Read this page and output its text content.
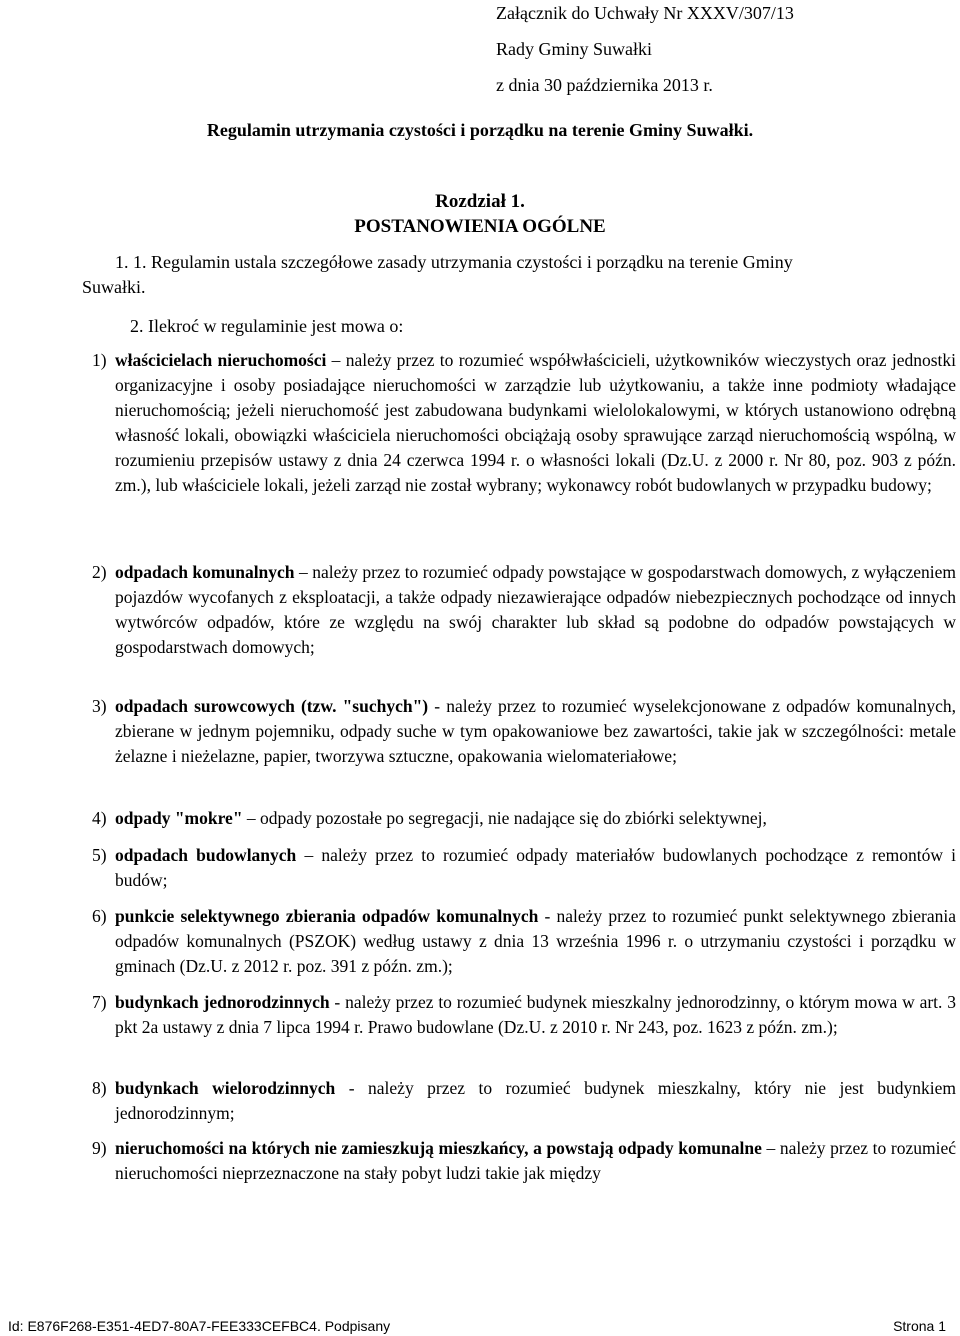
Załącznik do Uchwały Nr XXXV/307/13
Rady Gminy Suwałki
z dnia 30 października 2013 r.
Regulamin utrzymania czystości i porządku na terenie Gminy Suwałki.
Rozdział 1.
POSTANOWIENIA OGÓLNE
1. 1. Regulamin ustala szczegółowe zasady utrzymania czystości i porządku na terenie Gminy
Suwałki.
2. Ilekroć w regulaminie jest mowa o:
1) właścicielach nieruchomości – należy przez to rozumieć współwłaścicieli, użytkowników wieczystych oraz jednostki organizacyjne i osoby posiadające nieruchomości w zarządzie lub użytkowaniu, a także inne podmioty władające nieruchomością; jeżeli nieruchomość jest zabudowana budynkami wielolokalowymi, w których ustanowiono odrębną własność lokali, obowiązki właściciela nieruchomości obciążają osoby sprawujące zarząd nieruchomością wspólną, w rozumieniu przepisów ustawy z dnia 24 czerwca 1994 r. o własności lokali (Dz.U. z 2000 r. Nr 80, poz. 903 z późn. zm.), lub właściciele lokali, jeżeli zarząd nie został wybrany; wykonawcy robót budowlanych w przypadku budowy;
2) odpadach komunalnych – należy przez to rozumieć odpady powstające w gospodarstwach domowych, z wyłączeniem pojazdów wycofanych z eksploatacji, a także odpady niezawierające odpadów niebezpiecznych pochodzące od innych wytwórców odpadów, które ze względu na swój charakter lub skład są podobne do odpadów powstających w gospodarstwach domowych;
3) odpadach surowcowych (tzw. "suchych") - należy przez to rozumieć wyselekcjonowane z odpadów komunalnych, zbierane w jednym pojemniku, odpady suche w tym opakowaniowe bez zawartości, takie jak w szczególności: metale żelazne i nieżelazne, papier, tworzywa sztuczne, opakowania wielomateriałowe;
4) odpady "mokre" – odpady pozostałe po segregacji, nie nadające się do zbiórki selektywnej,
5) odpadach budowlanych – należy przez to rozumieć odpady materiałów budowlanych pochodzące z remontów i budów;
6) punkcie selektywnego zbierania odpadów komunalnych - należy przez to rozumieć punkt selektywnego zbierania odpadów komunalnych (PSZOK) według ustawy z dnia 13 września 1996 r. o utrzymaniu czystości i porządku w gminach (Dz.U. z 2012 r. poz. 391 z późn. zm.);
7) budynkach jednorodzinnych - należy przez to rozumieć budynek mieszkalny jednorodzinny, o którym mowa w art. 3 pkt 2a ustawy z dnia 7 lipca 1994 r. Prawo budowlane (Dz.U. z 2010 r. Nr 243, poz. 1623 z późn. zm.);
8) budynkach wielorodzinnych - należy przez to rozumieć budynek mieszkalny, który nie jest budynkiem jednorodzinnym;
9) nieruchomości na których nie zamieszkują mieszkańcy, a powstają odpady komunalne – należy przez to rozumieć nieruchomości nieprzeznaczone na stały pobyt ludzi takie jak między
Id: E876F268-E351-4ED7-80A7-FEE333CEFBC4. Podpisany	Strona 1
